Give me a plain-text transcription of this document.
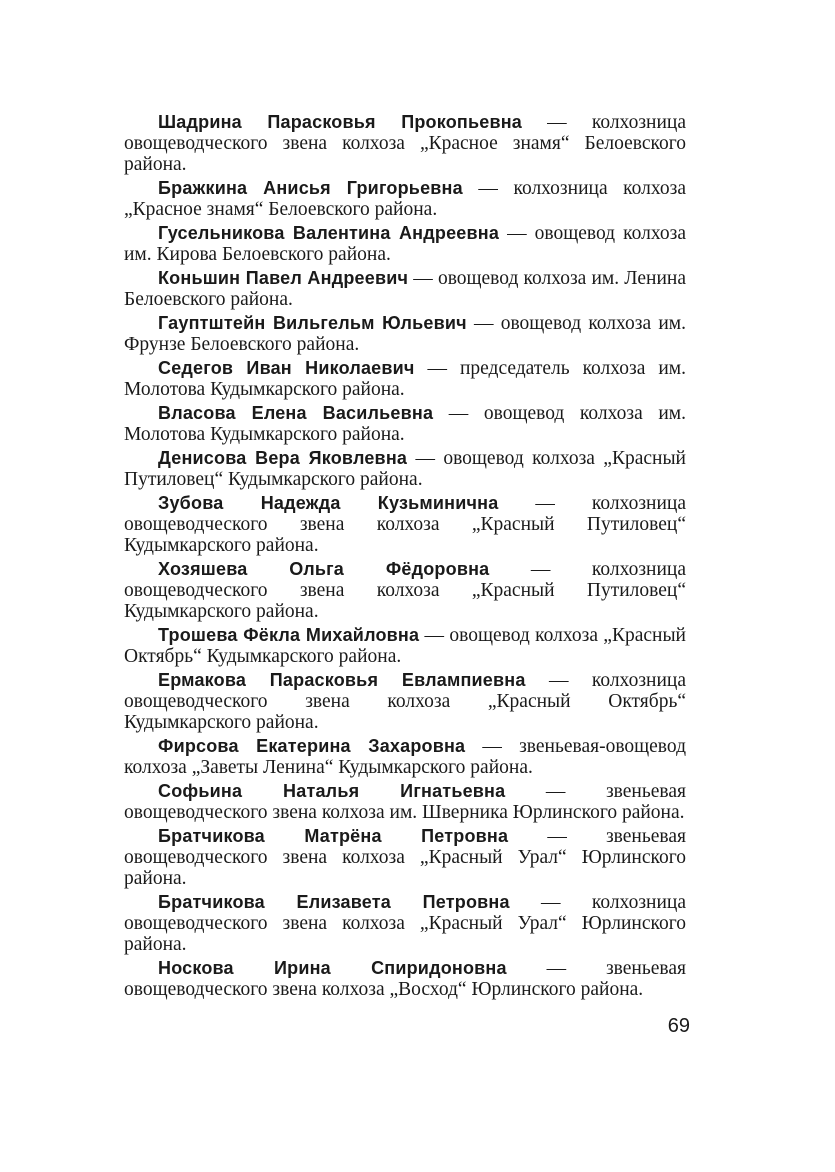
Шадрина Парасковья Прокопьевна — колхозница овощеводческого звена колхоза „Красное знамя“ Белоевского района.

Бражкина Анисья Григорьевна — колхозница колхоза „Красное знамя“ Белоевского района.

Гусельникова Валентина Андреевна — овощевод колхоза им. Кирова Белоевского района.

Коньшин Павел Андреевич — овощевод колхоза им. Ленина Белоевского района.

Гауптштейн Вильгельм Юльевич — овощевод колхоза им. Фрунзе Белоевского района.

Седегов Иван Николаевич — председатель колхоза им. Молотова Кудымкарского района.

Власова Елена Васильевна — овощевод колхоза им. Молотова Кудымкарского района.

Денисова Вера Яковлевна — овощевод колхоза „Красный Путиловец“ Кудымкарского района.

Зубова Надежда Кузьминична — колхозница овощеводческого звена колхоза „Красный Путиловец“ Кудымкарского района.

Хозяшева Ольга Фёдоровна — колхозница овощеводческого звена колхоза „Красный Путиловец“ Кудымкарского района.

Трошева Фёкла Михайловна — овощевод колхоза „Красный Октябрь“ Кудымкарского района.

Ермакова Парасковья Евлампиевна — колхозница овощеводческого звена колхоза „Красный Октябрь“ Кудымкарского района.

Фирсова Екатерина Захаровна — звеньевая-овощевод колхоза „Заветы Ленина“ Кудымкарского района.

Софьина Наталья Игнатьевна — звеньевая овощеводческого звена колхоза им. Шверника Юрлинского района.

Братчикова Матрёна Петровна — звеньевая овощеводческого звена колхоза „Красный Урал“ Юрлинского района.

Братчикова Елизавета Петровна — колхозница овощеводческого звена колхоза „Красный Урал“ Юрлинского района.

Носкова Ирина Спиридоновна — звеньевая овощеводческого звена колхоза „Восход“ Юрлинского района.

69
